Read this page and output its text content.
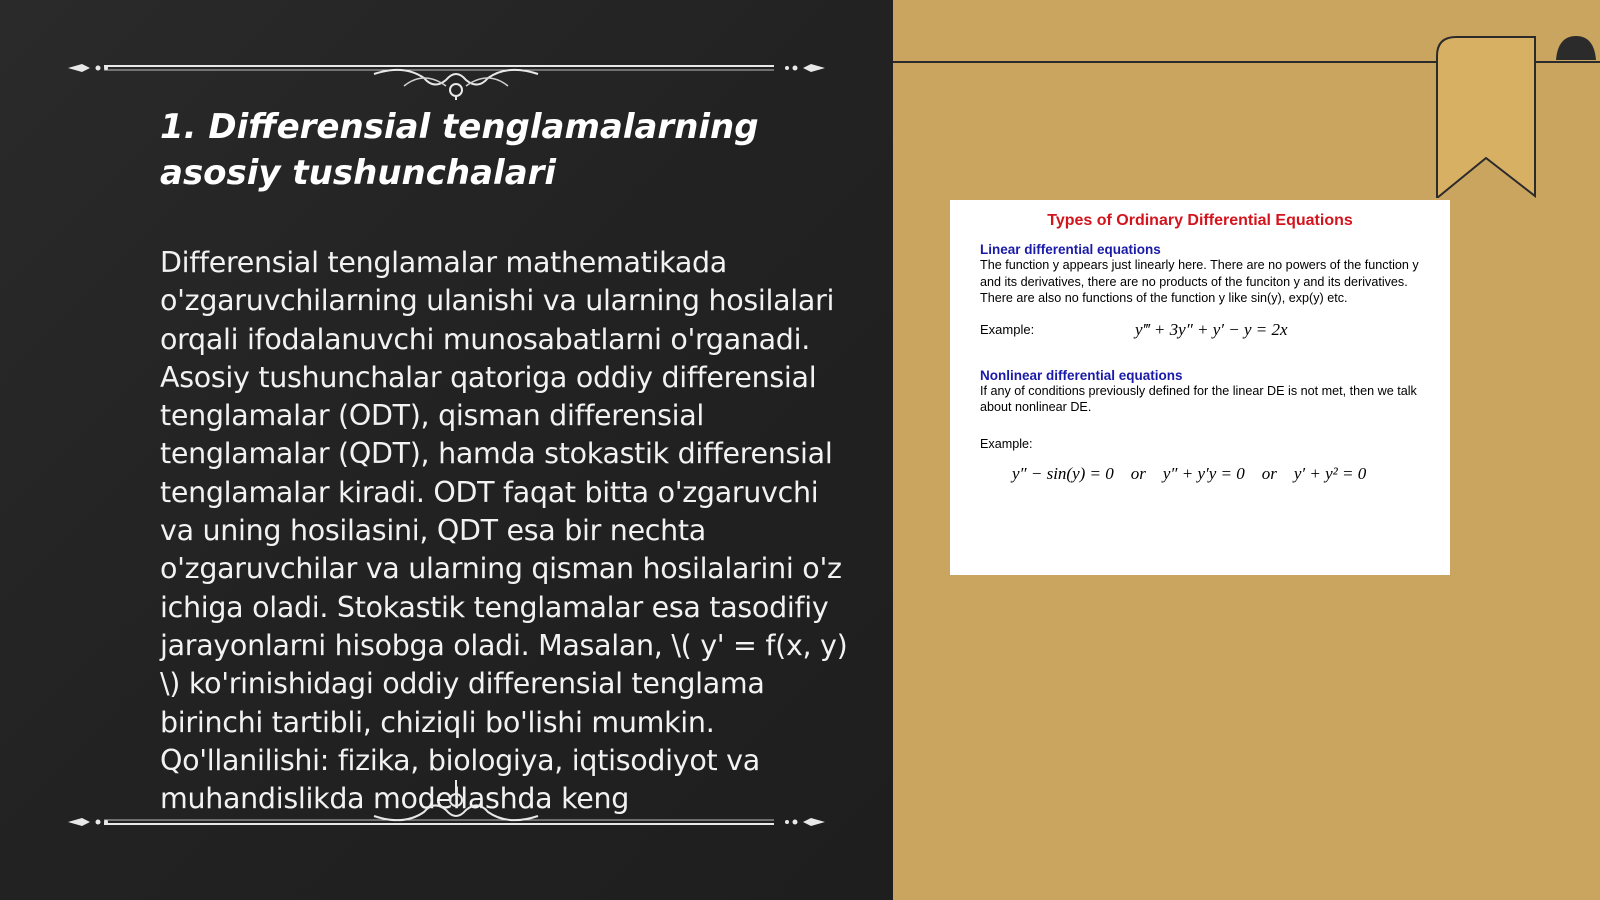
1. Differensial tenglamalarning asosiy tushunchalari

Differensial tenglamalar mathematikada o'zgaruvchilarning ulanishi va ularning hosilalari orqali ifodalanuvchi munosabatlarni o'rganadi. Asosiy tushunchalar qatoriga oddiy differensial tenglamalar (ODT), qisman differensial tenglamalar (QDT), hamda stokastik differensial tenglamalar kiradi. ODT faqat bitta o'zgaruvchi va uning hosilasini, QDT esa bir nechta o'zgaruvchilar va ularning qisman hosilalarini o'z ichiga oladi. Stokastik tenglamalar esa tasodifiy jarayonlarni hisobga oladi. Masalan, \( y' = f(x, y) \) ko'rinishidagi oddiy differensial tenglama birinchi tartibli, chiziqli bo'lishi mumkin. Qo'llanilishi: fizika, biologiya, iqtisodiyot va muhandislikda modellashda keng

Types of Ordinary Differential Equations

Linear differential equations

The function y appears just linearly here. There are no powers of the function y and its derivatives, there are no products of the funciton y and its derivatives. There are also no functions of the function y like sin(y), exp(y) etc.

Example:	y‴ + 3y″ + y′ − y = 2x

Nonlinear differential equations

If any of conditions previously defined for the linear DE is not met, then we talk about nonlinear DE.

Example:

y″ − sin(y) = 0    or    y″ + y′y = 0    or    y′ + y² = 0
